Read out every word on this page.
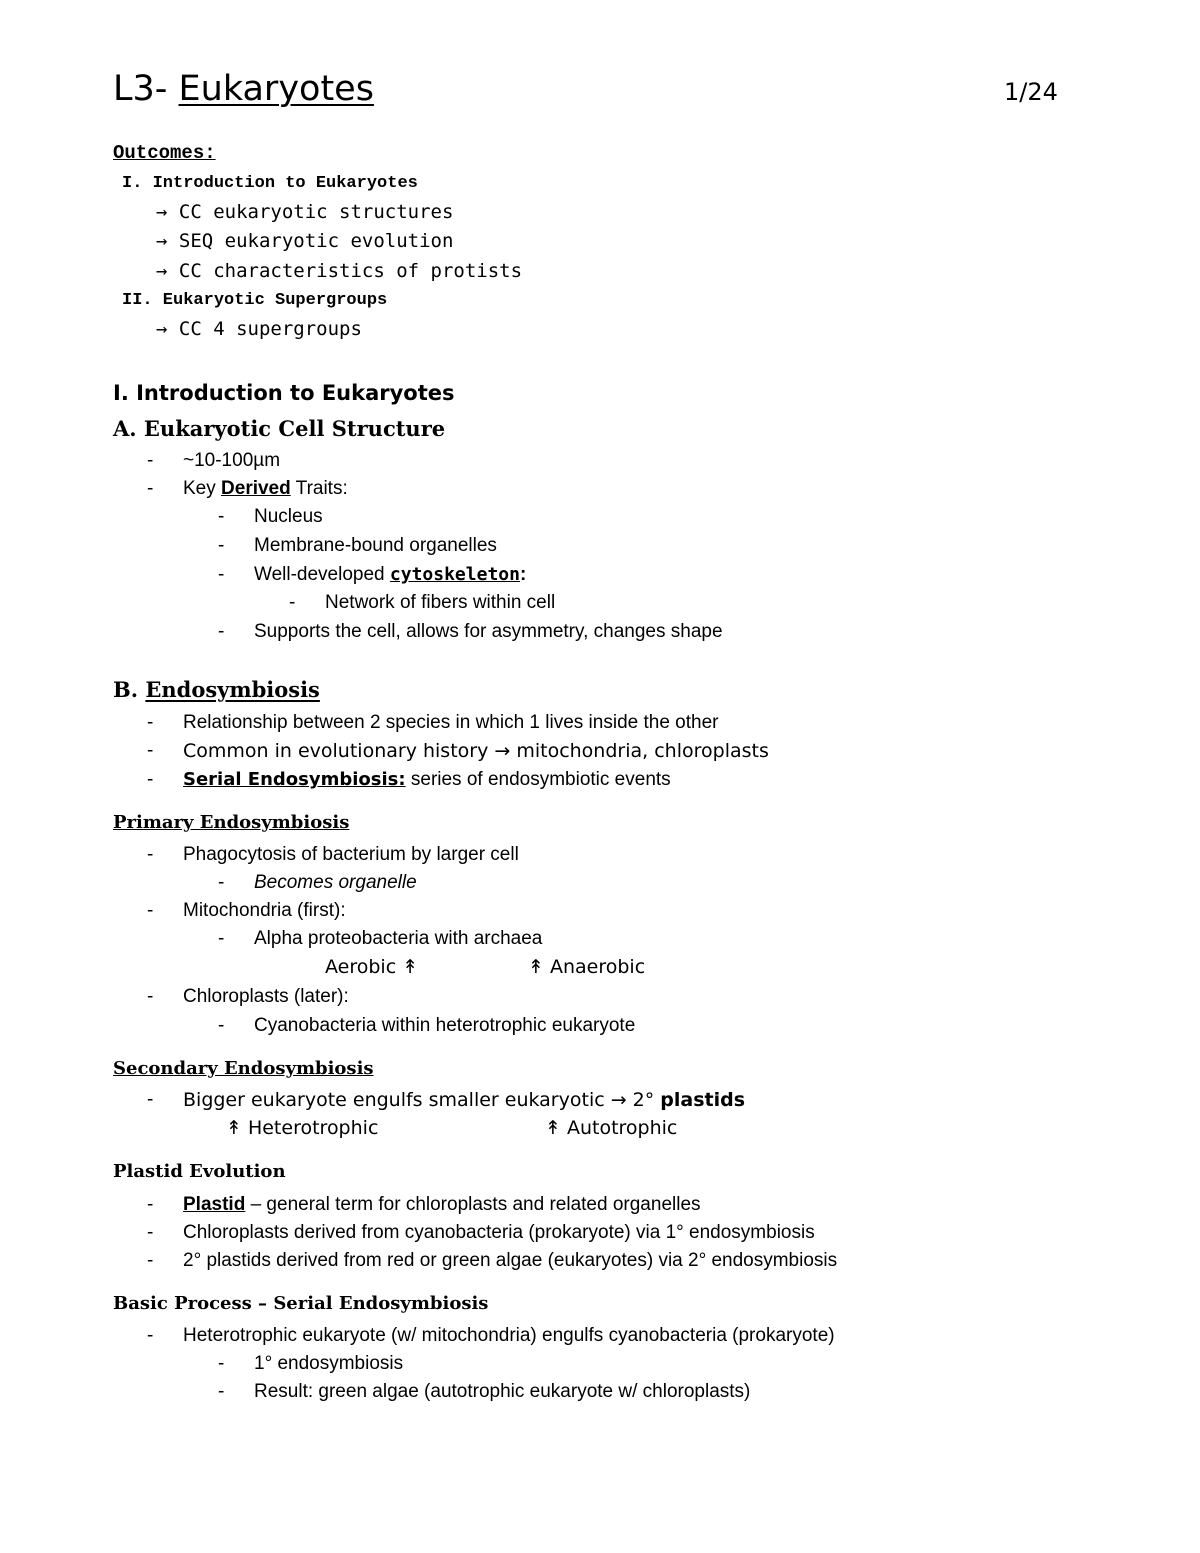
L3- Eukaryotes	1/24
Outcomes:
I. Introduction to Eukaryotes
→ CC eukaryotic structures
→ SEQ eukaryotic evolution
→ CC characteristics of protists
II. Eukaryotic Supergroups
→ CC 4 supergroups
I. Introduction to Eukaryotes
A. Eukaryotic Cell Structure
- ~10-100µm
- Key Derived Traits:
- Nucleus
- Membrane-bound organelles
- Well-developed cytoskeleton:
- Network of fibers within cell
- Supports the cell, allows for asymmetry, changes shape
B. Endosymbiosis
- Relationship between 2 species in which 1 lives inside the other
- Common in evolutionary history → mitochondria, chloroplasts
- Serial Endosymbiosis: series of endosymbiotic events
Primary Endosymbiosis
- Phagocytosis of bacterium by larger cell
- Becomes organelle
- Mitochondria (first):
- Alpha proteobacteria with archaea
Aerobic ↟	↟ Anaerobic
- Chloroplasts (later):
- Cyanobacteria within heterotrophic eukaryote
Secondary Endosymbiosis
- Bigger eukaryote engulfs smaller eukaryotic → 2° plastids
↟ Heterotrophic	↟ Autotrophic
Plastid Evolution
- Plastid – general term for chloroplasts and related organelles
- Chloroplasts derived from cyanobacteria (prokaryote) via 1° endosymbiosis
- 2° plastids derived from red or green algae (eukaryotes) via 2° endosymbiosis
Basic Process – Serial Endosymbiosis
- Heterotrophic eukaryote (w/ mitochondria) engulfs cyanobacteria (prokaryote)
- 1° endosymbiosis
- Result: green algae (autotrophic eukaryote w/ chloroplasts)
